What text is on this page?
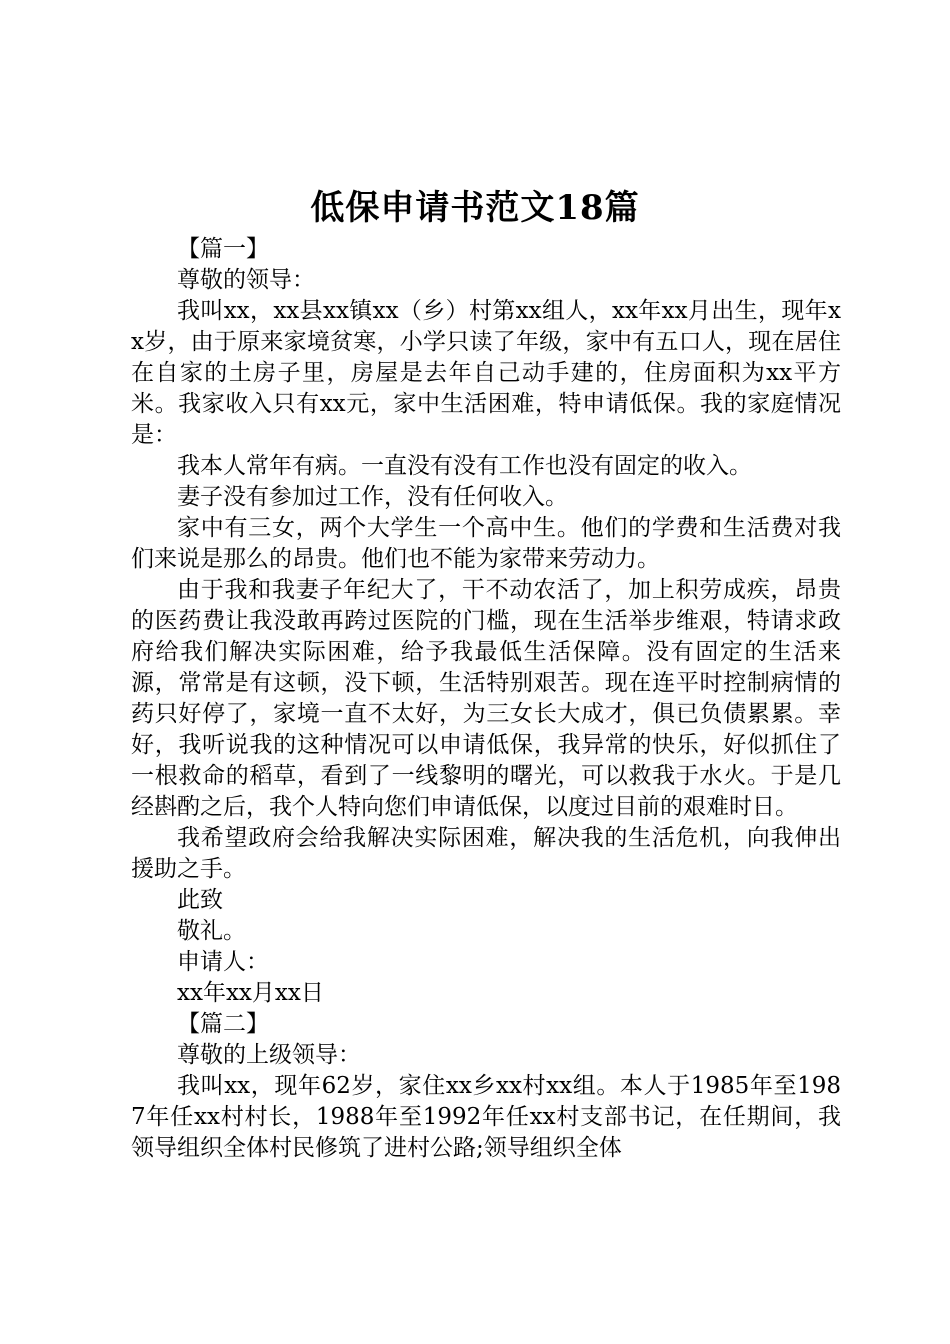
低保申请书范文18篇

【篇一】

尊敬的领导：

我叫xx，xx县xx镇xx（乡）村第xx组人，xx年xx月出生，现年xx岁，由于原来家境贫寒，小学只读了年级，家中有五口人，现在居住在自家的土房子里，房屋是去年自己动手建的，住房面积为xx平方米。我家收入只有xx元，家中生活困难，特申请低保。我的家庭情况是：

我本人常年有病。一直没有没有工作也没有固定的收入。

妻子没有参加过工作，没有任何收入。

家中有三女，两个大学生一个高中生。他们的学费和生活费对我们来说是那么的昂贵。他们也不能为家带来劳动力。

由于我和我妻子年纪大了，干不动农活了，加上积劳成疾，昂贵的医药费让我没敢再跨过医院的门槛，现在生活举步维艰，特请求政府给我们解决实际困难，给予我最低生活保障。没有固定的生活来源，常常是有这顿，没下顿，生活特别艰苦。现在连平时控制病情的药只好停了，家境一直不太好，为三女长大成才，俱已负债累累。幸好，我听说我的这种情况可以申请低保，我异常的快乐，好似抓住了一根救命的稻草，看到了一线黎明的曙光，可以救我于水火。于是几经斟酌之后，我个人特向您们申请低保，以度过目前的艰难时日。

我希望政府会给我解决实际困难，解决我的生活危机，向我伸出援助之手。

此致

敬礼。

申请人：

xx年xx月xx日

【篇二】

尊敬的上级领导：

我叫xx，现年62岁，家住xx乡xx村xx组。本人于1985年至1987年任xx村村长，1988年至1992年任xx村支部书记，在任期间，我领导组织全体村民修筑了进村公路;领导组织全体
